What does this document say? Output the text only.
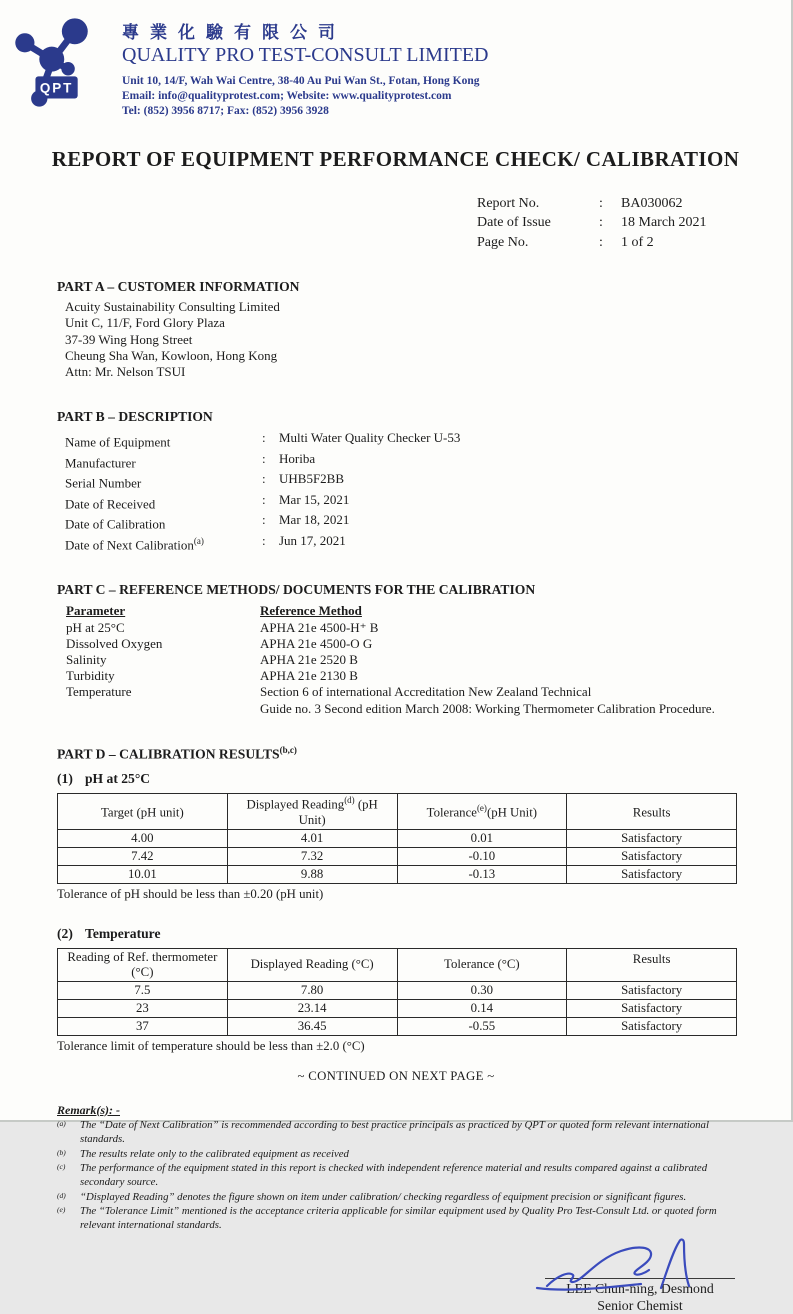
QPT
專業化驗有限公司
QUALITY PRO TEST-CONSULT LIMITED
Unit 10, 14/F, Wah Wai Centre, 38-40 Au Pui Wan St., Fotan, Hong Kong
Email: info@qualityprotest.com; Website: www.qualityprotest.com
Tel: (852) 3956 8717; Fax: (852) 3956 3928
REPORT OF EQUIPMENT PERFORMANCE CHECK/ CALIBRATION
Report No.	:	BA030062
Date of Issue	:	18 March 2021
Page No.	:	1 of 2
PART A – CUSTOMER INFORMATION
Acuity Sustainability Consulting Limited
Unit C, 11/F, Ford Glory Plaza
37-39 Wing Hong Street
Cheung Sha Wan, Kowloon, Hong Kong
Attn: Mr. Nelson TSUI
PART B – DESCRIPTION
Name of Equipment	:	Multi Water Quality Checker U-53
Manufacturer	:	Horiba
Serial Number	:	UHB5F2BB
Date of Received	:	Mar 15, 2021
Date of Calibration	:	Mar 18, 2021
Date of Next Calibration$^{(a)}$	:	Jun 17, 2021
PART C – REFERENCE METHODS/ DOCUMENTS FOR THE CALIBRATION
Parameter	Reference Method
pH at 25°C	APHA 21e 4500-H⁺ B
Dissolved Oxygen	APHA 21e 4500-O G
Salinity	APHA 21e 2520 B
Turbidity	APHA 21e 2130 B
Temperature	Section 6 of international Accreditation New Zealand Technical
Guide no. 3 Second edition March 2008: Working Thermometer Calibration Procedure.
PART D – CALIBRATION RESULTS$^{(b,c)}$
(1) pH at 25°C
Target (pH unit)	Displayed Reading$^{(d)}$ (pH Unit)	Tolerance$^{(e)}$(pH Unit)	Results
4.00	4.01	0.01	Satisfactory
7.42	7.32	-0.10	Satisfactory
10.01	9.88	-0.13	Satisfactory
Tolerance of pH should be less than ±0.20 (pH unit)
(2) Temperature
Reading of Ref. thermometer
(°C)	Displayed Reading (°C)	Tolerance (°C)	Results
7.5	7.80	0.30	Satisfactory
23	23.14	0.14	Satisfactory
37	36.45	-0.55	Satisfactory
Tolerance limit of temperature should be less than ±2.0 (°C)
~ CONTINUED ON NEXT PAGE ~
Remark(s): -
(a)	The “Date of Next Calibration” is recommended according to best practice principals as practiced by QPT or quoted form relevant international standards.
(b)	The results relate only to the calibrated equipment as received
(c)	The performance of the equipment stated in this report is checked with independent reference material and results compared against a calibrated secondary source.
(d)	“Displayed Reading” denotes the figure shown on item under calibration/ checking regardless of equipment precision or significant figures.
(e)	The “Tolerance Limit” mentioned is the acceptance criteria applicable for similar equipment used by Quality Pro Test-Consult Ltd. or quoted form relevant international standards.
LEE Chun-ning, Desmond
Senior Chemist
